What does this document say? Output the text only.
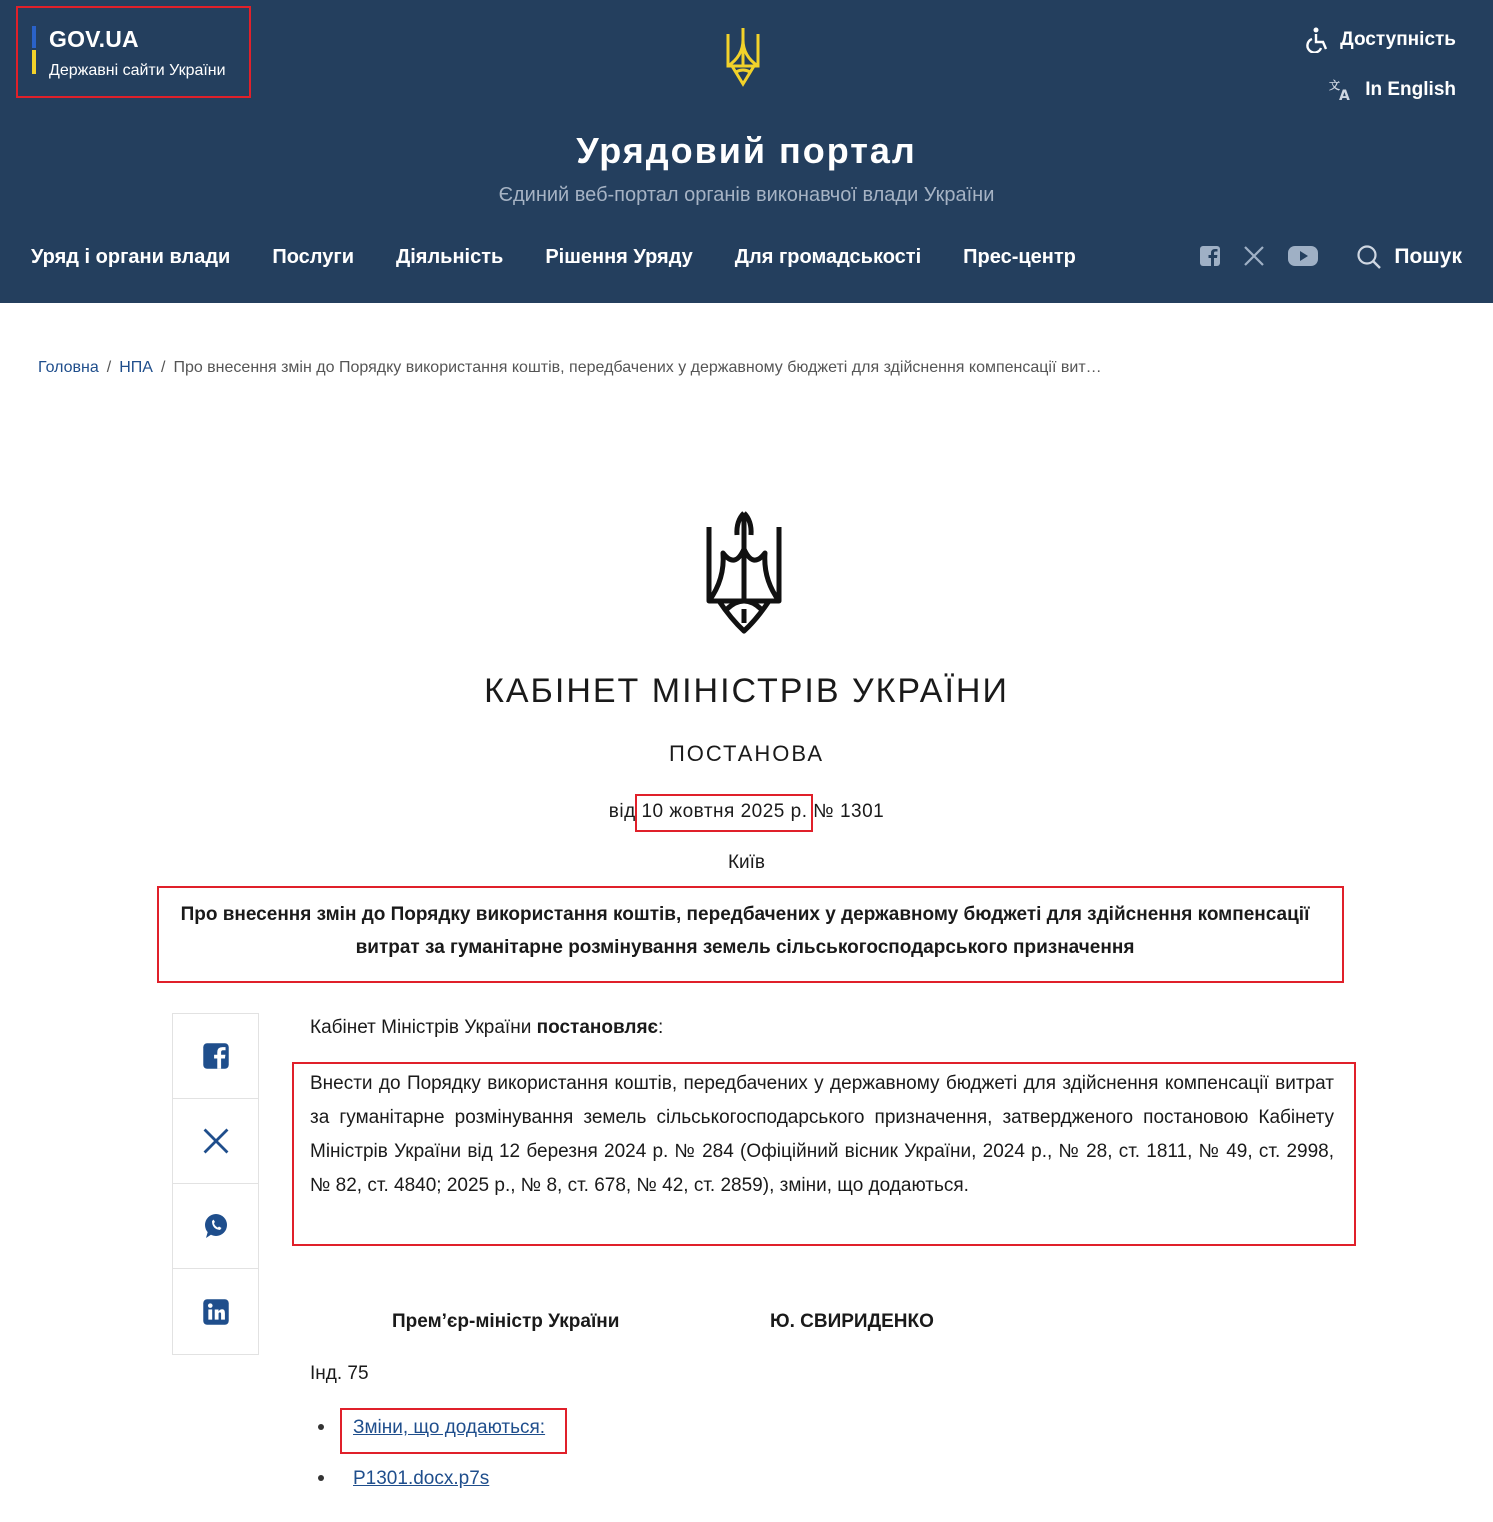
GOV.UA
Державні сайти України
Доступність
文
A In English
Урядовий портал
Єдиний веб-портал органів виконавчої влади України
Уряд і органи влади Послуги Діяльність Рішення Уряду Для громадськості Прес-центр	Пошук
Головна / НПА / Про внесення змін до Порядку використання коштів, передбачених у державному бюджеті для здійснення компенсації вит…
КАБІНЕТ МІНІСТРІВ УКРАЇНИ
ПОСТАНОВА
від 10 жовтня 2025 р. № 1301
Київ
Про внесення змін до Порядку використання коштів, передбачених у державному бюджеті для здійснення компенсації витрат за гуманітарне розмінування земель сільськогосподарського призначення
Кабінет Міністрів України постановляє:
Внести до Порядку використання коштів, передбачених у державному бюджеті для здійснення компенсації витрат за гуманітарне розмінування земель сільськогосподарського призначення, затвердженого постановою Кабінету Міністрів України від 12 березня 2024 р. № 284 (Офіційний вісник України, 2024 р., № 28, ст. 1811, № 49, ст. 2998, № 82, ст. 4840; 2025 р., № 8, ст. 678, № 42, ст. 2859), зміни, що додаються.
Прем’єр-міністр України	Ю. СВИРИДЕНКО
Інд. 75
Зміни, що додаються:
P1301.docx.p7s
